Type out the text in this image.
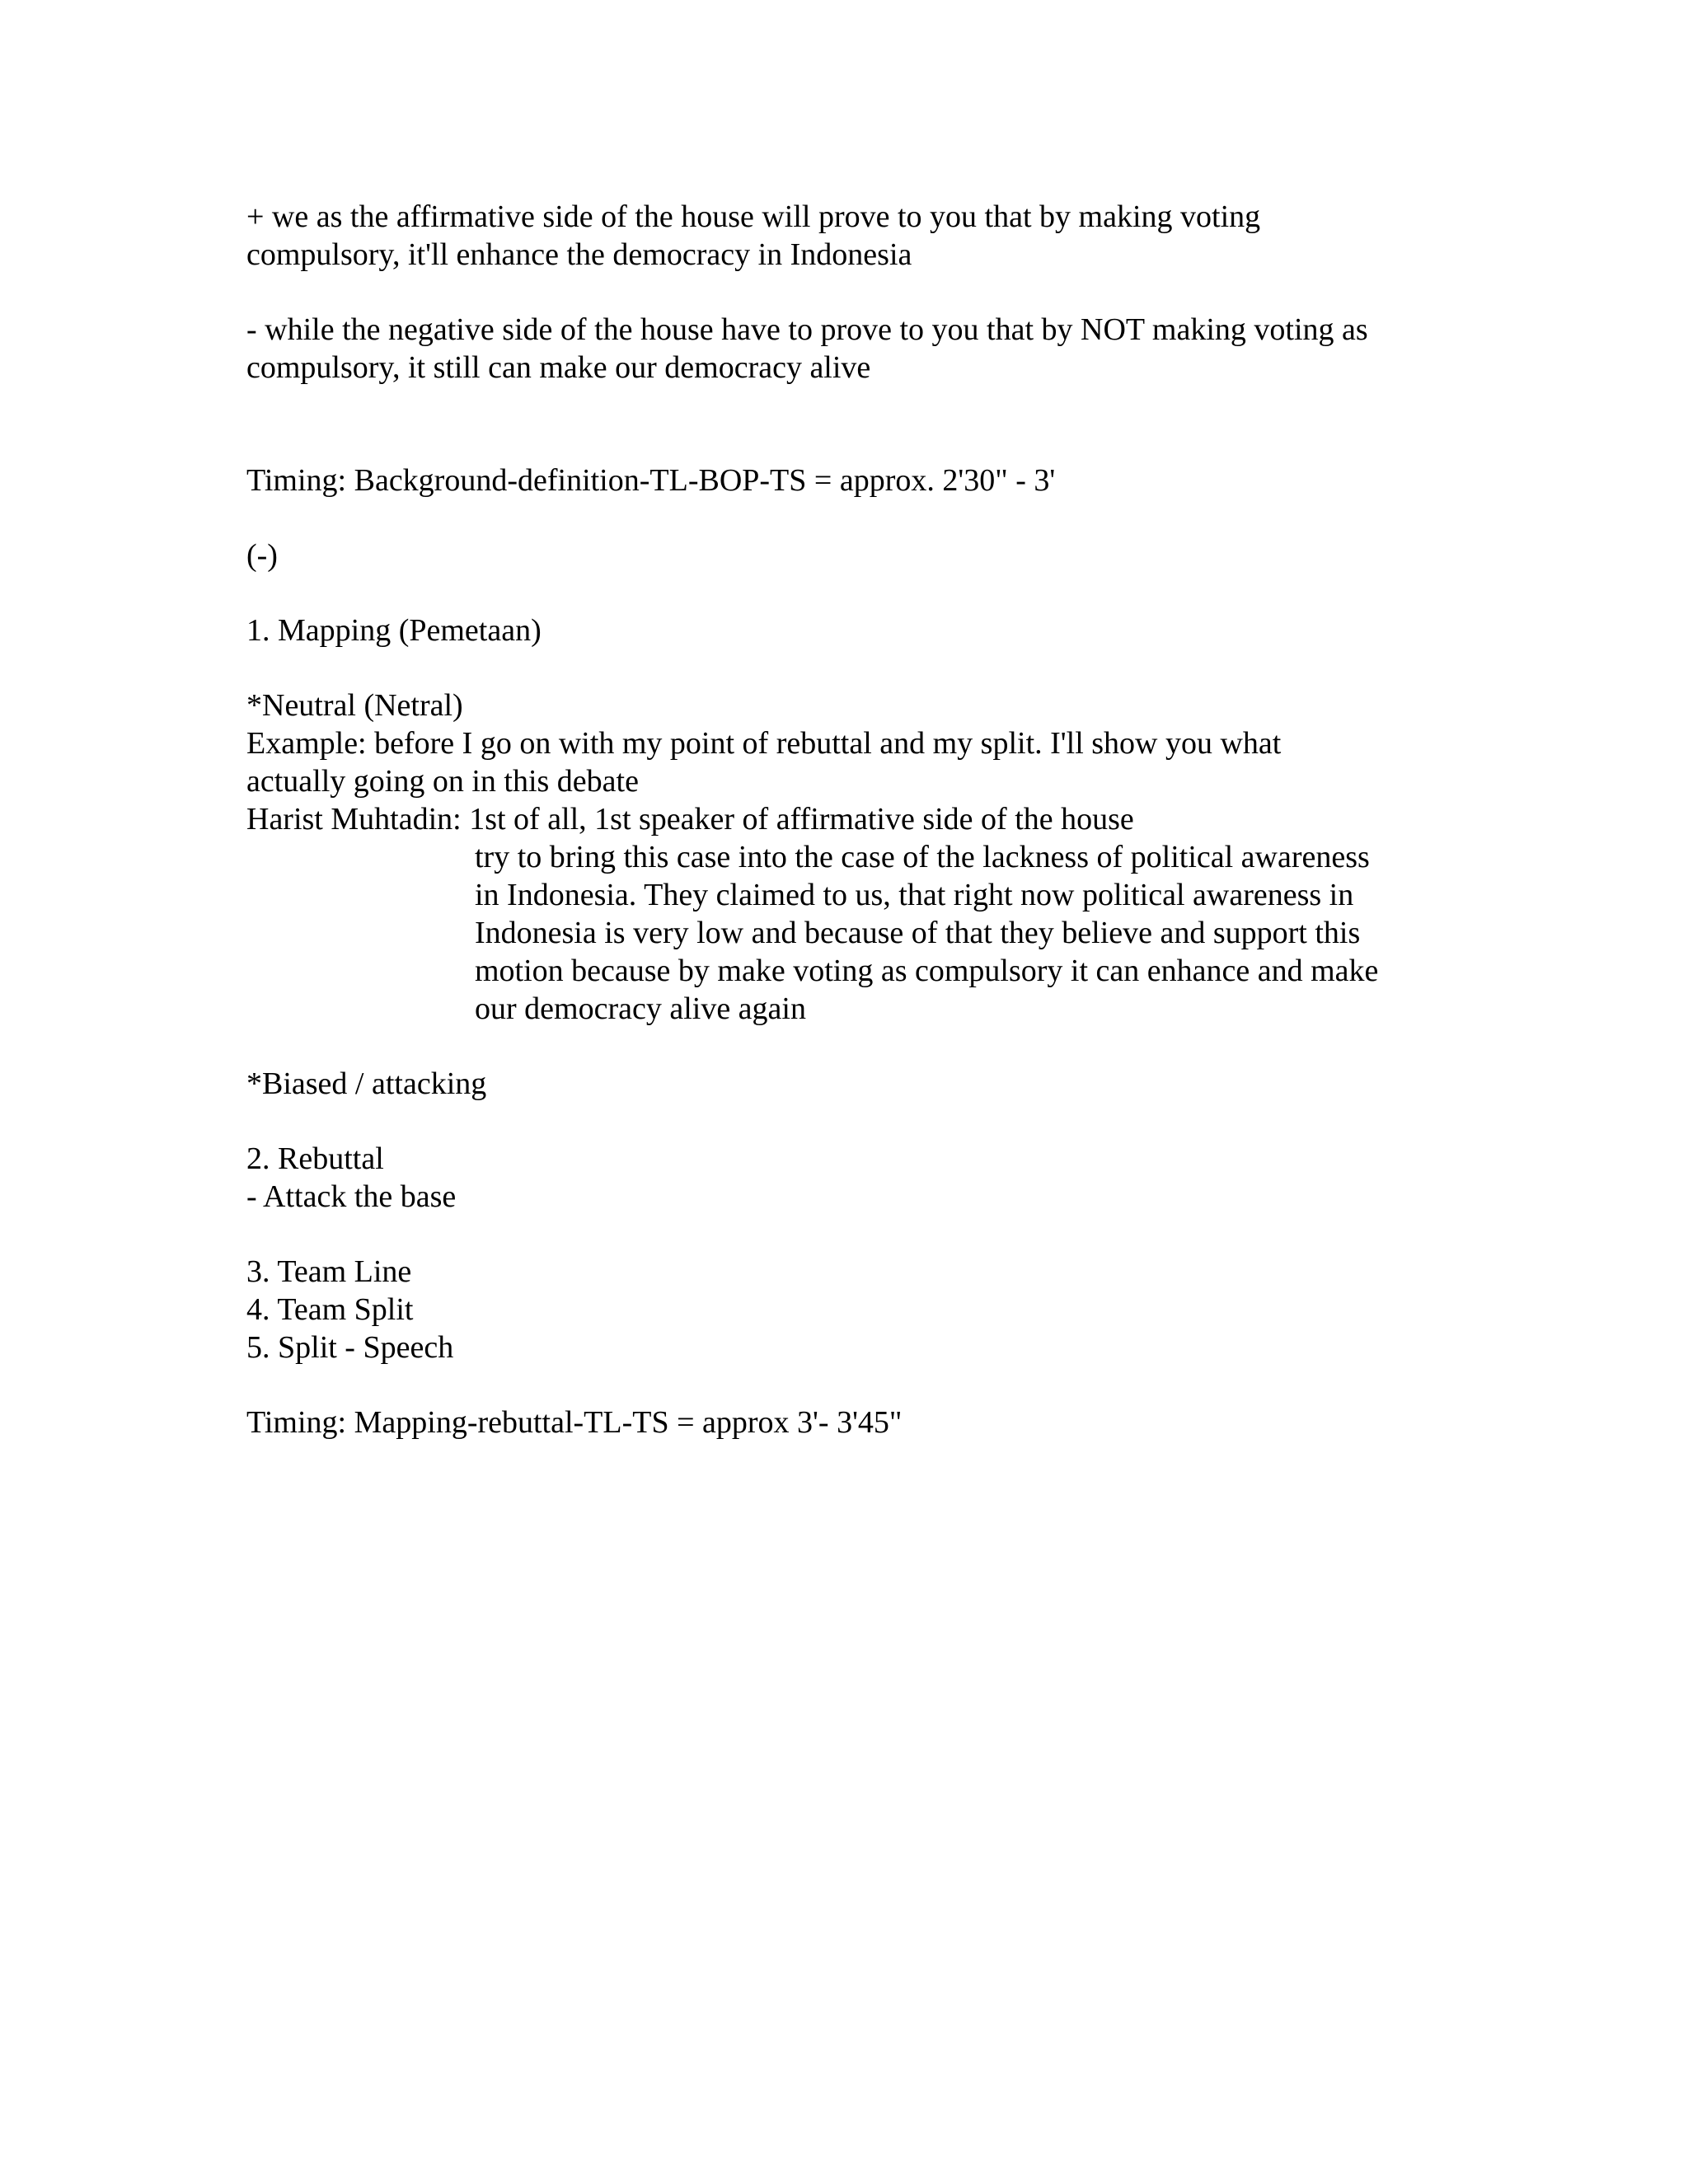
+ we as the affirmative side of the house will prove to you that by making voting
compulsory, it'll enhance the democracy in Indonesia
- while the negative side of the house have to prove to you that by NOT making voting as
compulsory, it still can make our democracy alive
Timing: Background-definition-TL-BOP-TS = approx. 2'30" - 3'
(-)
1. Mapping (Pemetaan)
*Neutral (Netral)
Example: before I go on with my point of rebuttal and my split. I'll show you what
actually going on in this debate
Harist Muhtadin: 1st of all, 1st speaker of affirmative side of the house
try to bring this case into the case of the lackness of political awareness
in Indonesia. They claimed to us, that right now political awareness in
Indonesia is very low and because of that they believe and support this
motion because by make voting as compulsory it can enhance and make
our democracy alive again
*Biased / attacking
2. Rebuttal
- Attack the base
3. Team Line
4. Team Split
5. Split - Speech
Timing: Mapping-rebuttal-TL-TS = approx 3'- 3'45"
